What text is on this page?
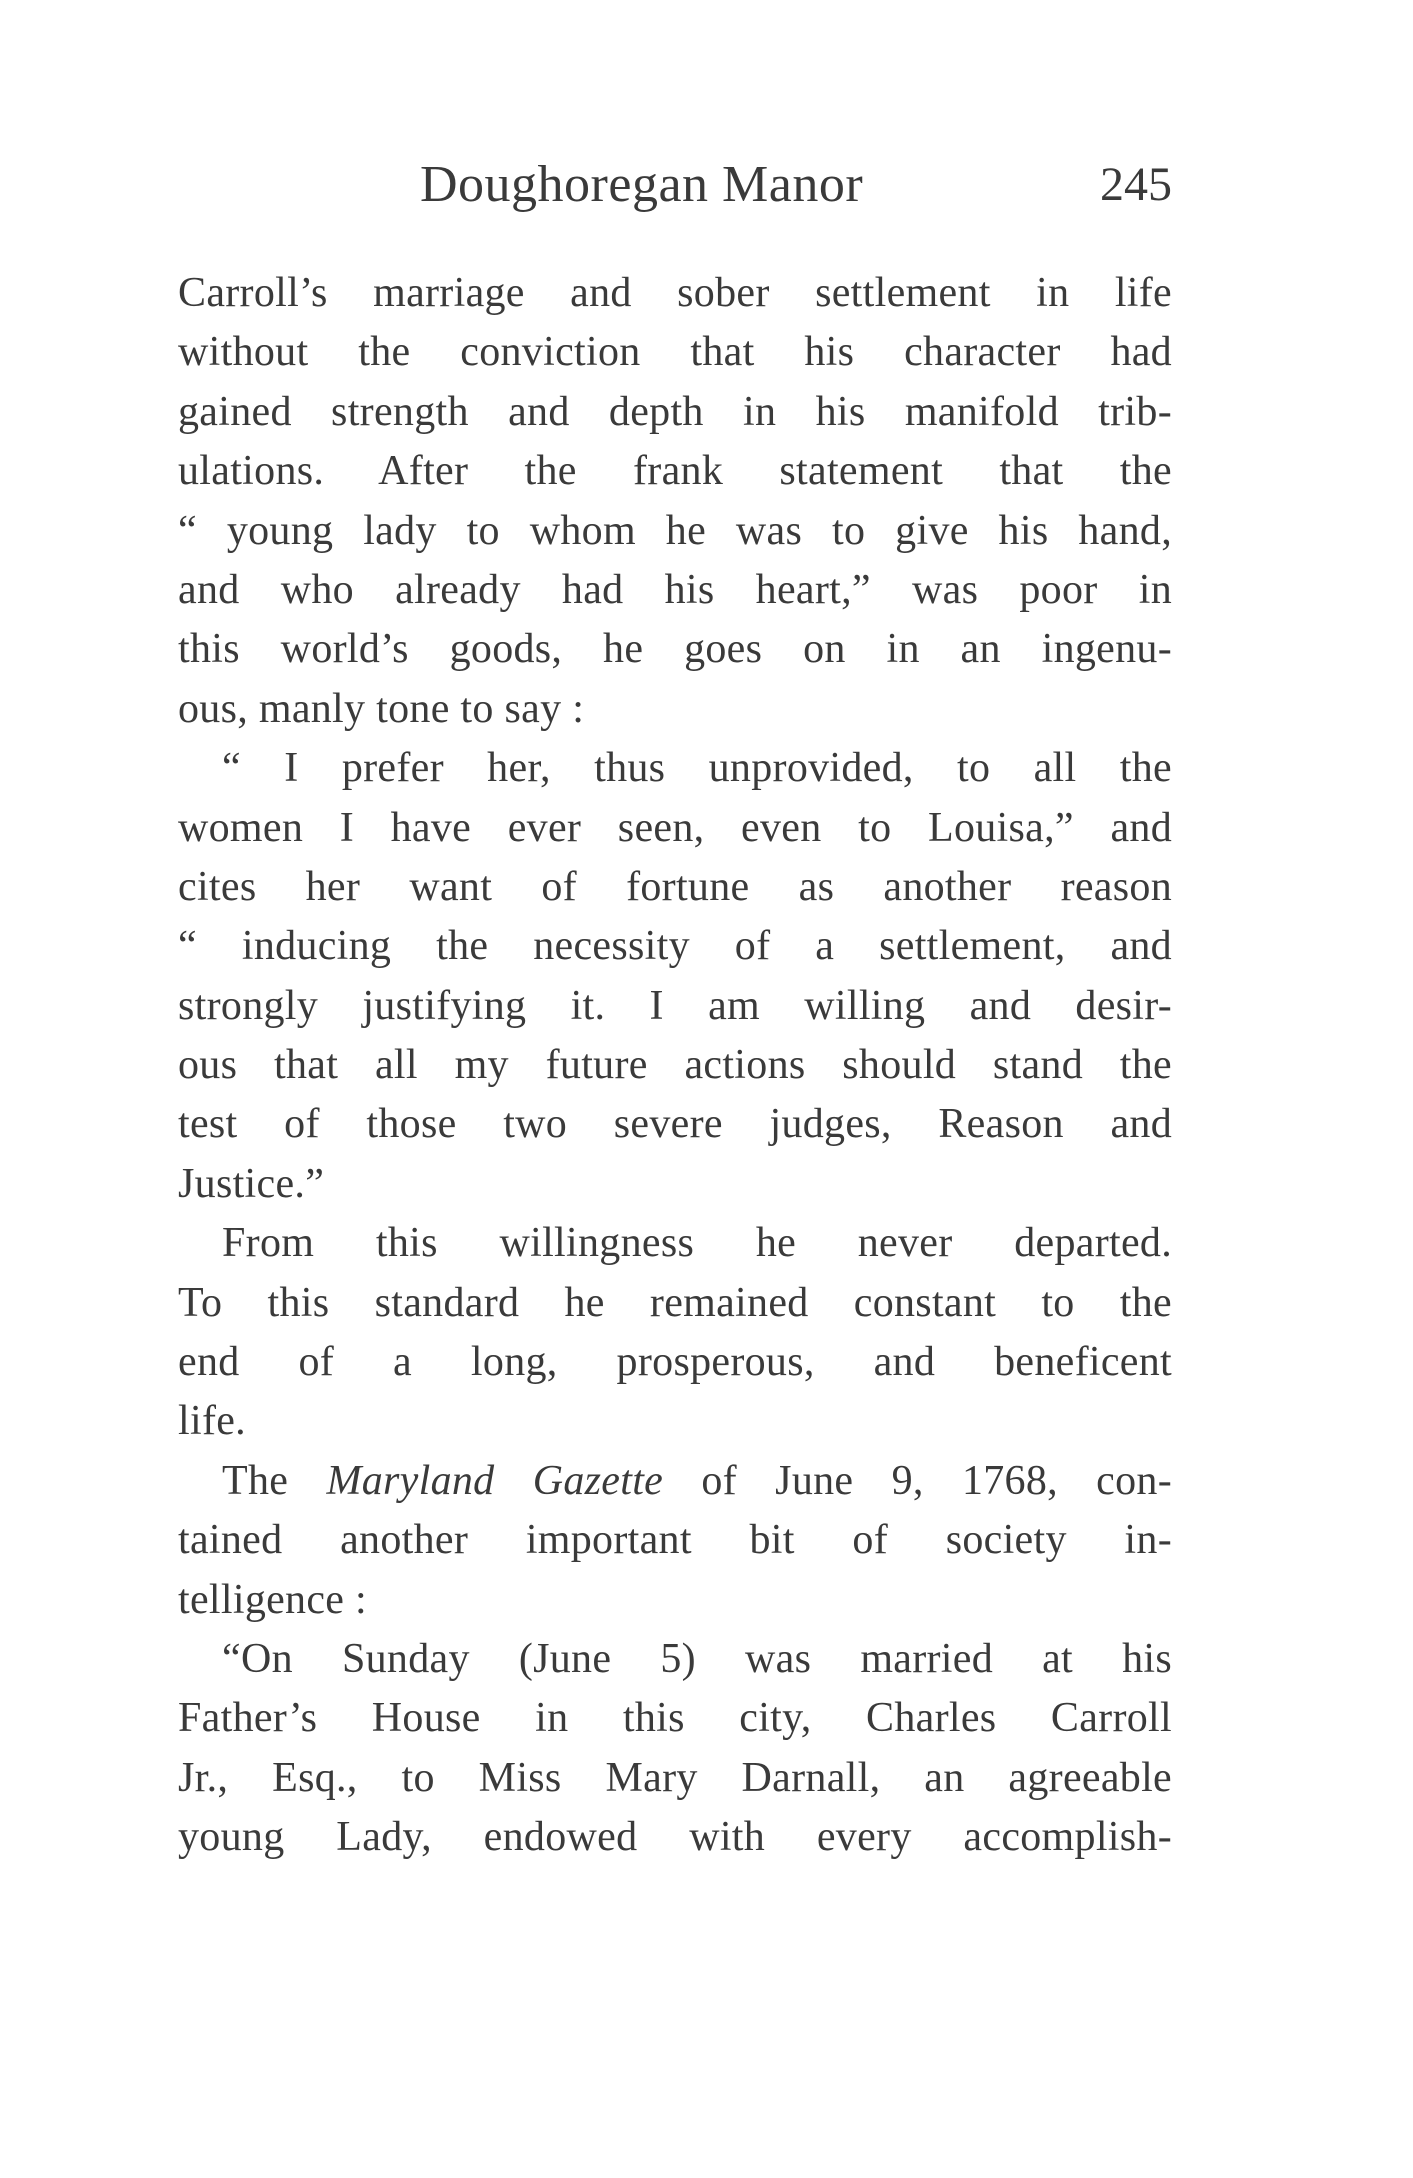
Doughoregan Manor	245
Carroll’s marriage and sober settlement in life
without the conviction that his character had
gained strength and depth in his manifold trib-
ulations. After the frank statement that the
“ young lady to whom he was to give his hand,
and who already had his heart,” was poor in
this world’s goods, he goes on in an ingenu-
ous, manly tone to say :
“ I prefer her, thus unprovided, to all the
women I have ever seen, even to Louisa,” and
cites her want of fortune as another reason
“ inducing the necessity of a settlement, and
strongly justifying it. I am willing and desir-
ous that all my future actions should stand the
test of those two severe judges, Reason and
Justice.”
From this willingness he never departed.
To this standard he remained constant to the
end of a long, prosperous, and beneficent
life.
The Maryland Gazette of June 9, 1768, con-
tained another important bit of society in-
telligence :
“On Sunday (June 5) was married at his
Father’s House in this city, Charles Carroll
Jr., Esq., to Miss Mary Darnall, an agreeable
young Lady, endowed with every accomplish-
